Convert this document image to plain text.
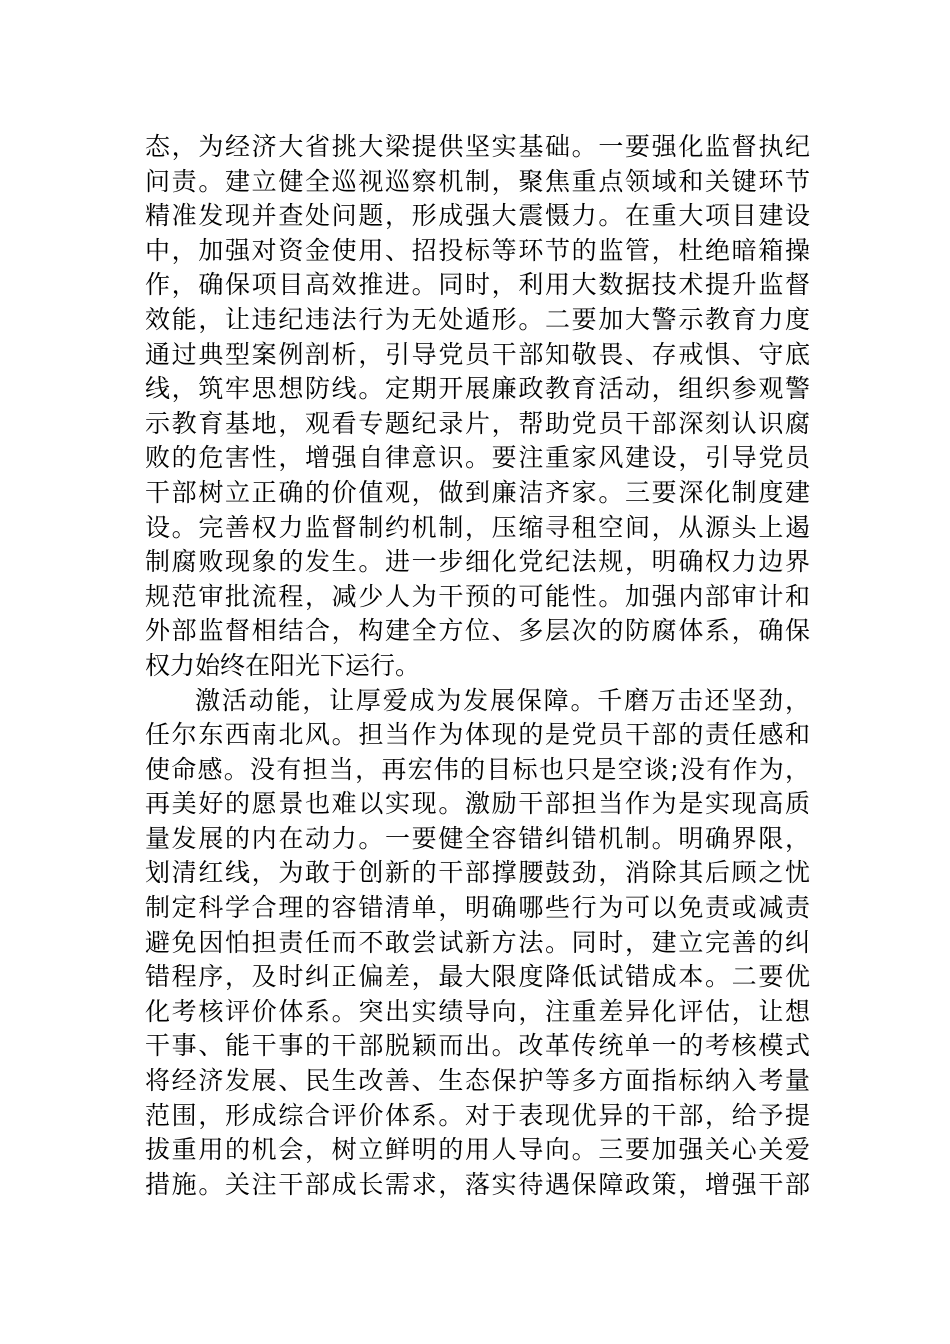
态，为经济大省挑大梁提供坚实基础。一要强化监督执纪
问责。建立健全巡视巡察机制，聚焦重点领域和关键环节
精准发现并查处问题，形成强大震慑力。在重大项目建设
中，加强对资金使用、招投标等环节的监管，杜绝暗箱操
作，确保项目高效推进。同时，利用大数据技术提升监督
效能，让违纪违法行为无处遁形。二要加大警示教育力度
通过典型案例剖析，引导党员干部知敬畏、存戒惧、守底
线，筑牢思想防线。定期开展廉政教育活动，组织参观警
示教育基地，观看专题纪录片，帮助党员干部深刻认识腐
败的危害性，增强自律意识。要注重家风建设，引导党员
干部树立正确的价值观，做到廉洁齐家。三要深化制度建
设。完善权力监督制约机制，压缩寻租空间，从源头上遏
制腐败现象的发生。进一步细化党纪法规，明确权力边界
规范审批流程，减少人为干预的可能性。加强内部审计和
外部监督相结合，构建全方位、多层次的防腐体系，确保
权力始终在阳光下运行。
激活动能，让厚爱成为发展保障。千磨万击还坚劲，
任尔东西南北风。担当作为体现的是党员干部的责任感和
使命感。没有担当，再宏伟的目标也只是空谈;没有作为，
再美好的愿景也难以实现。激励干部担当作为是实现高质
量发展的内在动力。一要健全容错纠错机制。明确界限，
划清红线，为敢于创新的干部撑腰鼓劲，消除其后顾之忧
制定科学合理的容错清单，明确哪些行为可以免责或减责
避免因怕担责任而不敢尝试新方法。同时，建立完善的纠
错程序，及时纠正偏差，最大限度降低试错成本。二要优
化考核评价体系。突出实绩导向，注重差异化评估，让想
干事、能干事的干部脱颖而出。改革传统单一的考核模式
将经济发展、民生改善、生态保护等多方面指标纳入考量
范围，形成综合评价体系。对于表现优异的干部，给予提
拔重用的机会，树立鲜明的用人导向。三要加强关心关爱
措施。关注干部成长需求，落实待遇保障政策，增强干部
